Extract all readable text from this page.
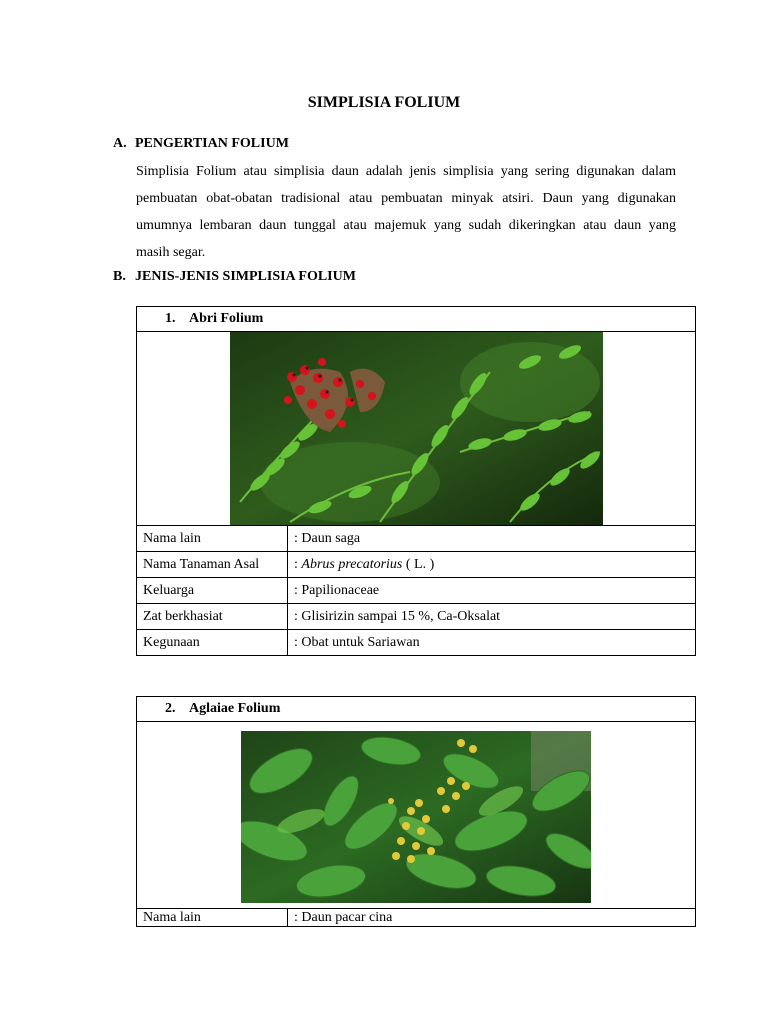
SIMPLISIA FOLIUM
A. PENGERTIAN FOLIUM
Simplisia Folium atau simplisia daun adalah jenis simplisia yang sering digunakan dalam
pembuatan obat-obatan tradisional atau pembuatan minyak atsiri. Daun yang digunakan
umumnya lembaran daun tunggal atau majemuk yang sudah dikeringkan atau daun yang
masih segar.
B. JENIS-JENIS SIMPLISIA FOLIUM
1. Abri Folium	

Nama lain	: Daun saga
Nama Tanaman Asal	: Abrus precatorius ( L. )
Keluarga	: Papilionaceae
Zat berkhasiat	: Glisirizin sampai 15 %, Ca-Oksalat
Kegunaan	: Obat untuk Sariawan
2. Aglaiae Folium

Nama lain	: Daun pacar cina
